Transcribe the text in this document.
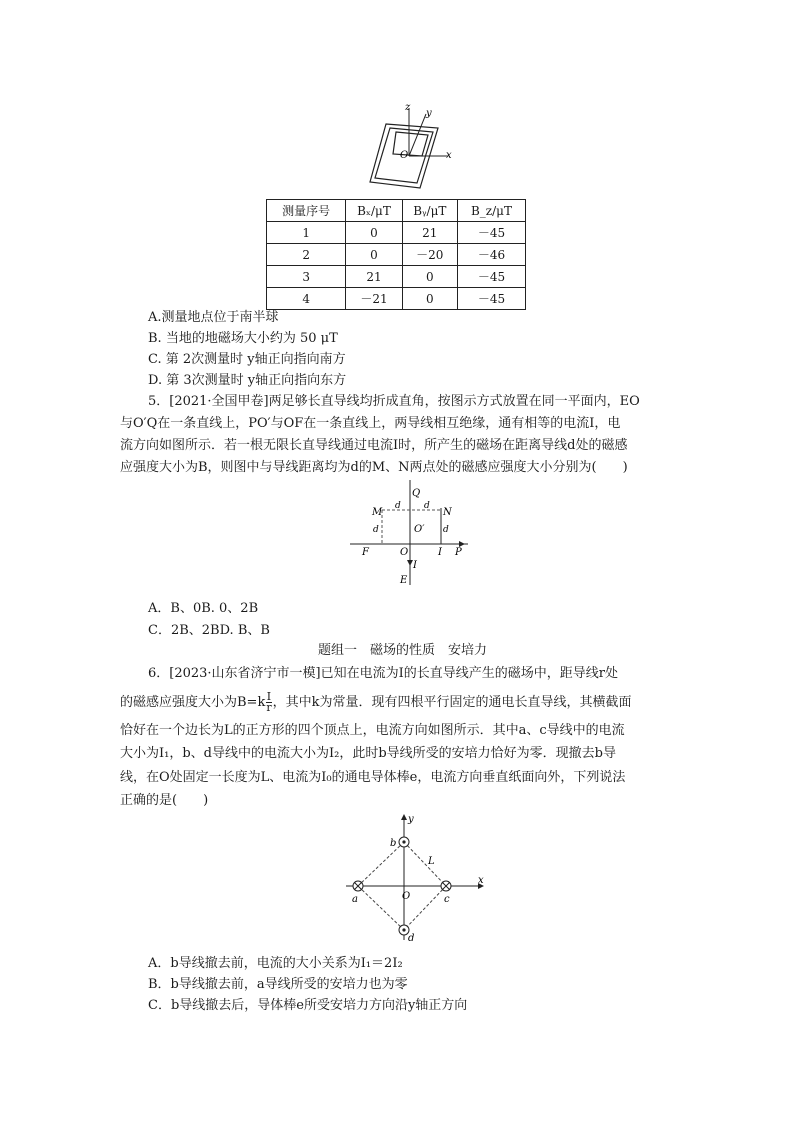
z
y
x
O
测量序号	Bₓ/μT	Bᵧ/μT	B_z/μT
1	0	21	－45
2	0	－20	－46
3	21	0	－45
4	－21	0	－45
A.测量地点位于南半球
B. 当地的地磁场大小约为 50 μT
C. 第 2次测量时 y轴正向指向南方
D. 第 3次测量时 y轴正向指向东方
5．[2021·全国甲卷]两足够长直导线均折成直角，按图示方式放置在同一平面内，EO
与O′Q在一条直线上，PO′与OF在一条直线上，两导线相互绝缘，通有相等的电流I，电
流方向如图所示．若一根无限长直导线通过电流I时，所产生的磁场在距离导线d处的磁感
应强度大小为B，则图中与导线距离均为d的M、N两点处的磁感应强度大小分别为(　　)
Q
M	N
d	d
d	d
O′
F	O	I P
I
E
A．B、0B. 0、2B
C．2B、2BD. B、B
题组一　磁场的性质　安培力
6．[2023·山东省济宁市一模]已知在电流为I的长直导线产生的磁场中，距导线r处
的磁感应强度大小为$B=k \frac{I}{r}$ ，其中k为常量．现有四根平行固定的通电长直导线，其横截面
恰好在一个边长为L的正方形的四个顶点上，电流方向如图所示．其中a、c导线中的电流
大小为I₁，b、d导线中的电流大小为I₂，此时b导线所受的安培力恰好为零．现撤去b导
线，在O处固定一长度为L、电流为I₀的通电导体棒e，电流方向垂直纸面向外，下列说法
正确的是(　　)
y
x
b
a	c
d
O
L
A．b导线撤去前，电流的大小关系为I₁＝2I₂
B．b导线撤去前，a导线所受的安培力也为零
C．b导线撤去后，导体棒e所受安培力方向沿y轴正方向
